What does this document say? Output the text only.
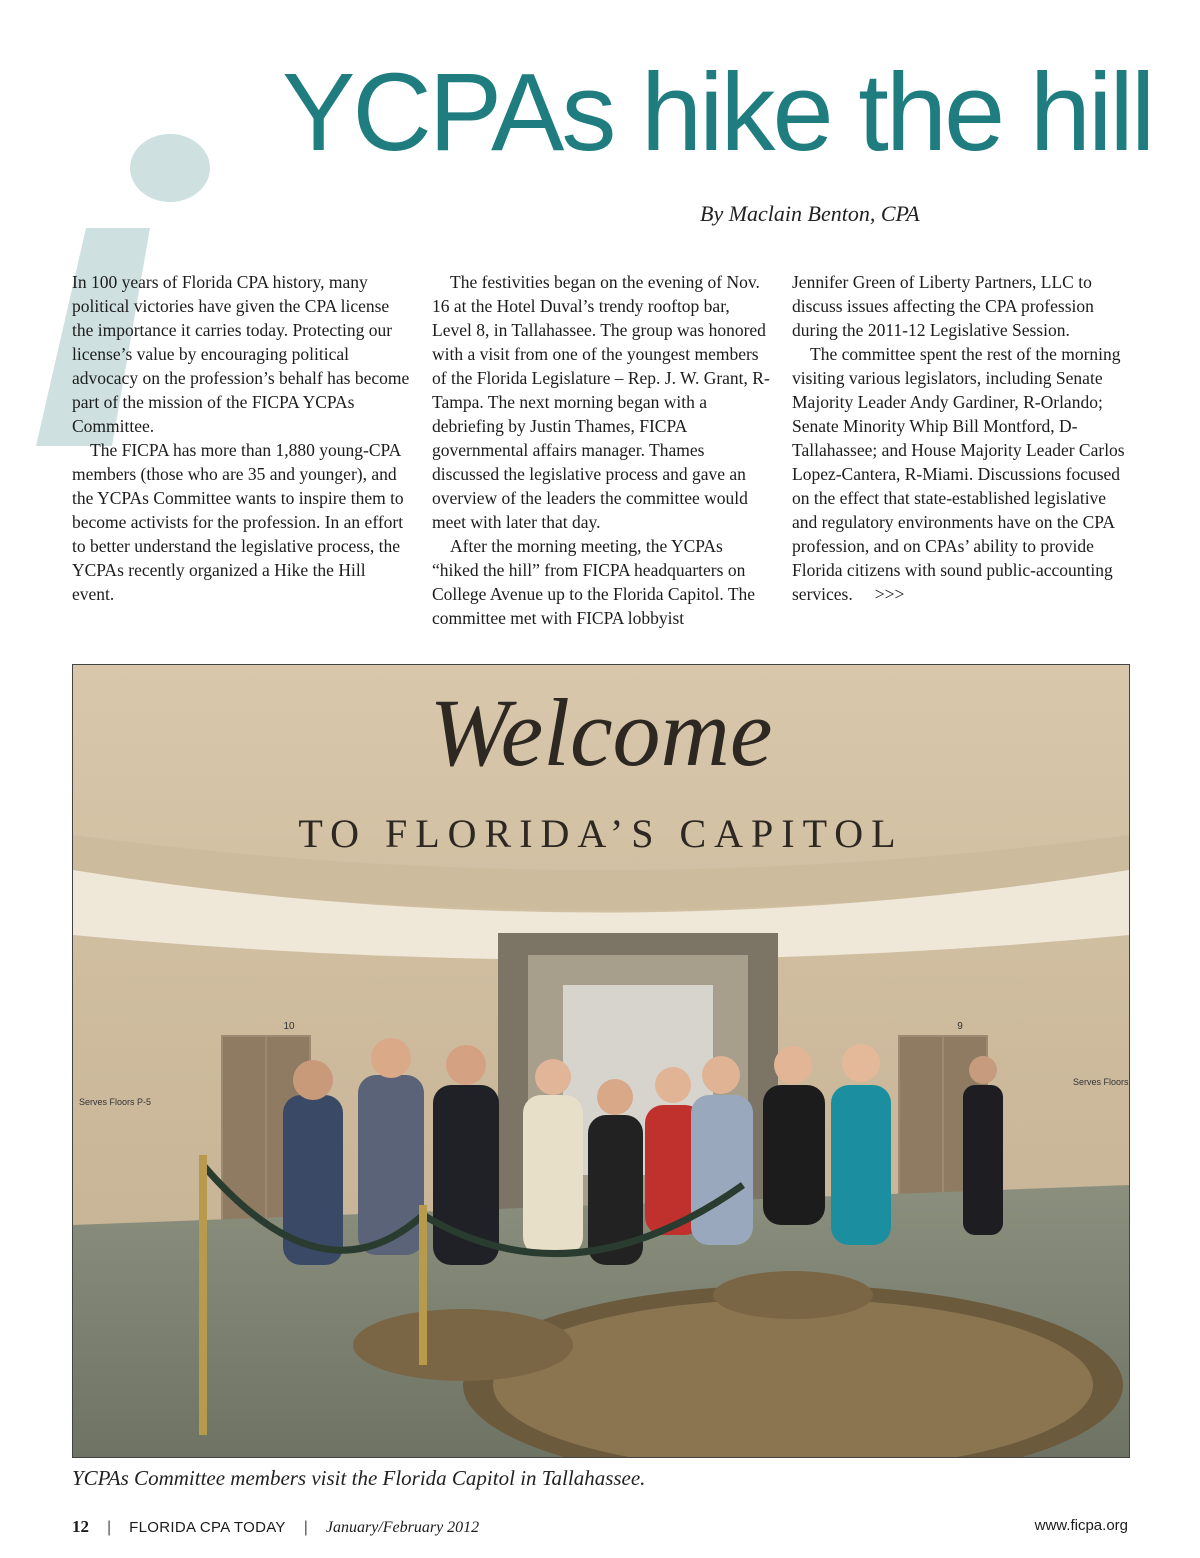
YCPAs hike the hill
By Maclain Benton, CPA

In 100 years of Florida CPA history, many political victories have given the CPA license the importance it carries today. Protecting our license’s value by encouraging political advocacy on the profession’s behalf has become part of the mission of the FICPA YCPAs Committee.

The FICPA has more than 1,880 young-CPA members (those who are 35 and younger), and the YCPAs Committee wants to inspire them to become activists for the profession. In an effort to better understand the legislative process, the YCPAs recently organized a Hike the Hill event.

The festivities began on the evening of Nov. 16 at the Hotel Duval’s trendy rooftop bar, Level 8, in Tallahassee. The group was honored with a visit from one of the youngest members of the Florida Legislature – Rep. J. W. Grant, R-Tampa. The next morning began with a debriefing by Justin Thames, FICPA governmental affairs manager. Thames discussed the legislative process and gave an overview of the leaders the committee would meet with later that day.

After the morning meeting, the YCPAs “hiked the hill” from FICPA headquarters on College Avenue up to the Florida Capitol. The committee met with FICPA lobbyist

Jennifer Green of Liberty Partners, LLC to discuss issues affecting the CPA profession during the 2011-12 Legislative Session.

The committee spent the rest of the morning visiting various legislators, including Senate Majority Leader Andy Gardiner, R-Orlando; Senate Minority Whip Bill Montford, D-Tallahassee; and House Majority Leader Carlos Lopez-Cantera, R-Miami. Discussions focused on the effect that state-established legislative and regulatory environments have on the CPA profession, and on CPAs’ ability to provide Florida citizens with sound public-accounting services. >>>

Welcome
TO FLORIDA’S CAPITOL
10
Serves Floors P-5
9
Serves Floors
YCPAs Committee members visit the Florida Capitol in Tallahassee.
12 | FLORIDA CPA TODAY | January/February 2012	www.ficpa.org
